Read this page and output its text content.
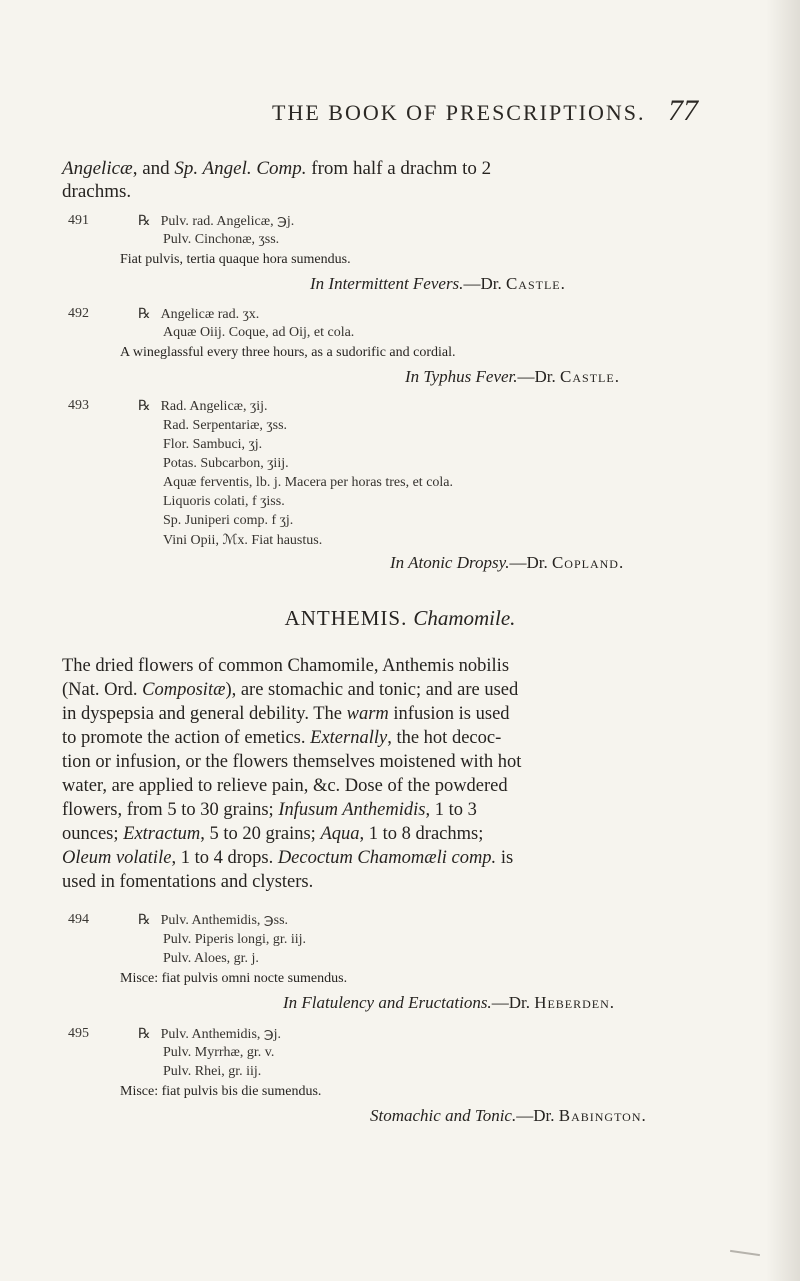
THE BOOK OF PRESCRIPTIONS. 77
Angelicæ, and Sp. Angel. Comp. from half a drachm to 2
drachms.
491	℞ Pulv. rad. Angelicæ, ℈j.
Pulv. Cinchonæ, ʒss.
Fiat pulvis, tertia quaque hora sumendus.
In Intermittent Fevers.—Dr. Castle.
492	℞ Angelicæ rad. ʒx.
Aquæ Oiij. Coque, ad Oij, et cola.
A wineglassful every three hours, as a sudorific and cordial.
In Typhus Fever.—Dr. Castle.
493	℞ Rad. Angelicæ, ʒij.
Rad. Serpentariæ, ʒss.
Flor. Sambuci, ʒj.
Potas. Subcarbon, ʒiij.
Aquæ ferventis, lb. j. Macera per horas tres, et cola.
Liquoris colati, f ʒiss.
Sp. Juniperi comp. f ʒj.
Vini Opii, ℳx. Fiat haustus.
In Atonic Dropsy.—Dr. Copland.
ANTHEMIS. Chamomile.
The dried flowers of common Chamomile, Anthemis nobilis
(Nat. Ord. Compositæ), are stomachic and tonic; and are used
in dyspepsia and general debility. The warm infusion is used
to promote the action of emetics. Externally, the hot decoc-
tion or infusion, or the flowers themselves moistened with hot
water, are applied to relieve pain, &c. Dose of the powdered
flowers, from 5 to 30 grains; Infusum Anthemidis, 1 to 3
ounces; Extractum, 5 to 20 grains; Aqua, 1 to 8 drachms;
Oleum volatile, 1 to 4 drops. Decoctum Chamomæli comp. is
used in fomentations and clysters.
494	℞ Pulv. Anthemidis, ℈ss.
Pulv. Piperis longi, gr. iij.
Pulv. Aloes, gr. j.
Misce: fiat pulvis omni nocte sumendus.
In Flatulency and Eructations.—Dr. Heberden.
495	℞ Pulv. Anthemidis, ℈j.
Pulv. Myrrhæ, gr. v.
Pulv. Rhei, gr. iij.
Misce: fiat pulvis bis die sumendus.
Stomachic and Tonic.—Dr. Babington.
